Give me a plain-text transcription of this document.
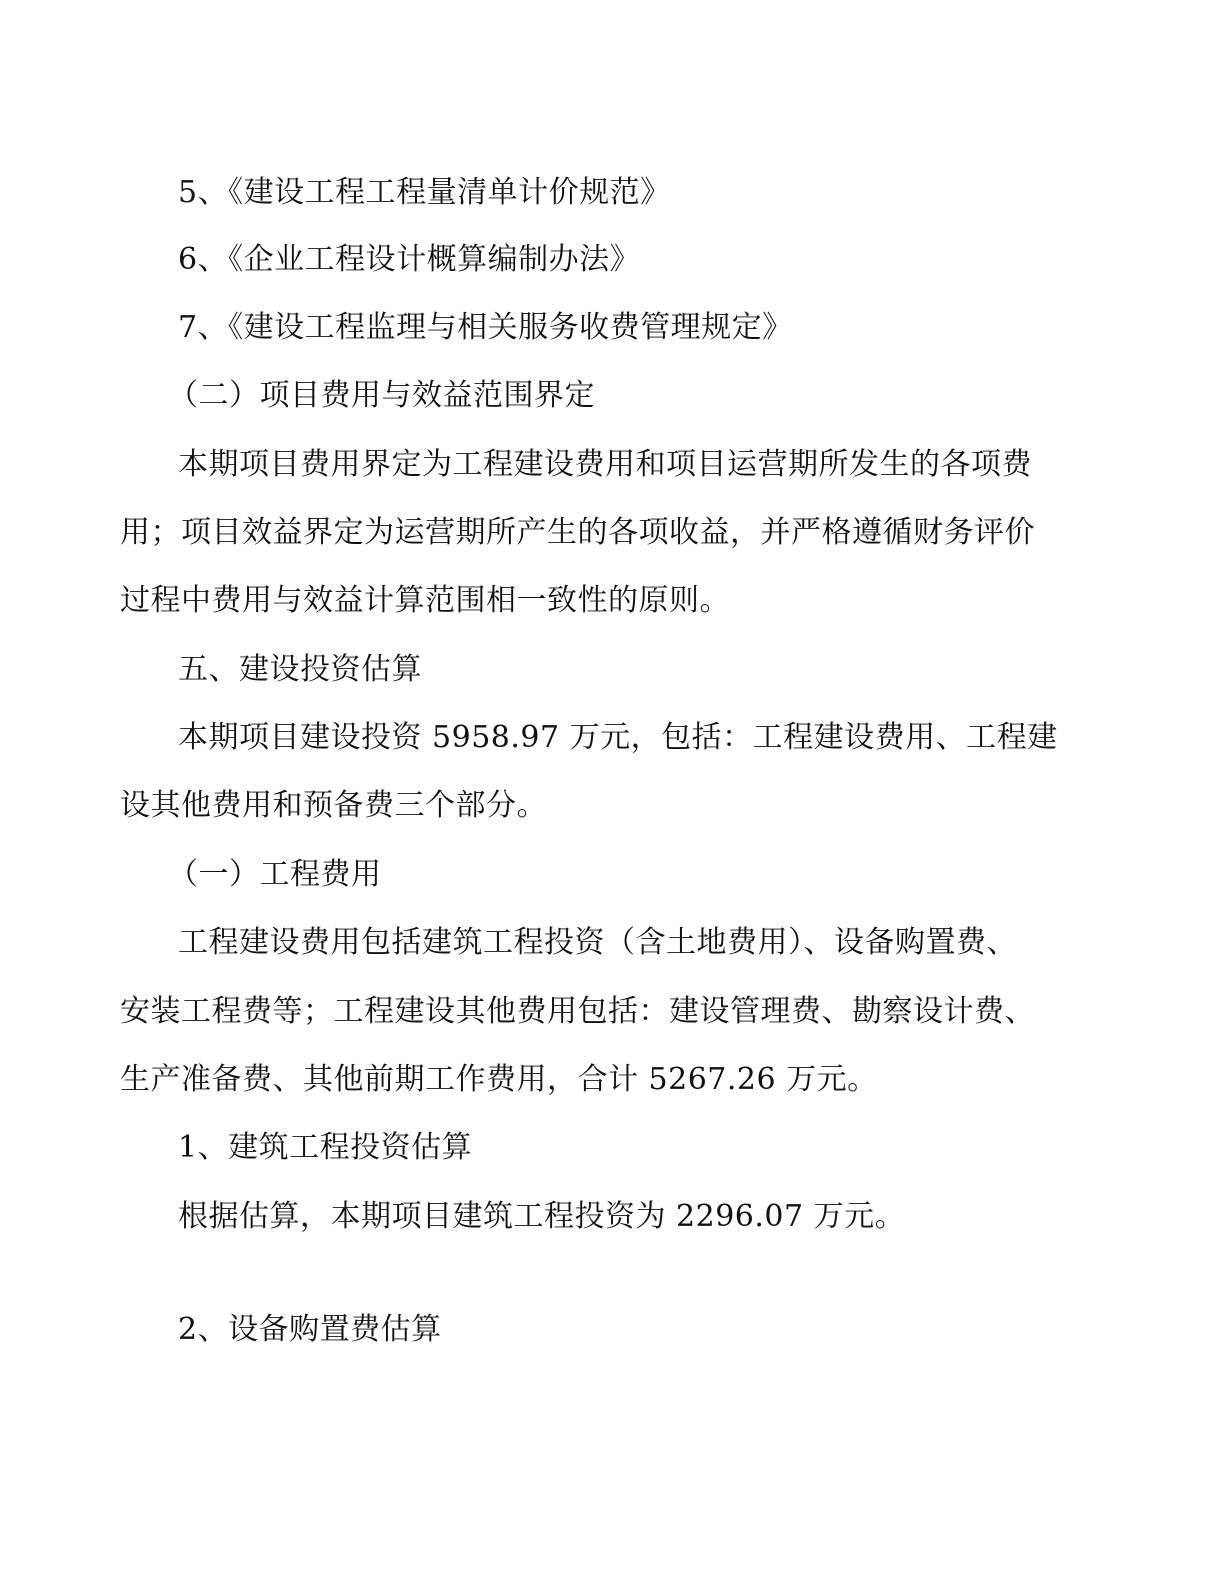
5、《建设工程工程量清单计价规范》
6、《企业工程设计概算编制办法》
7、《建设工程监理与相关服务收费管理规定》
（二）项目费用与效益范围界定
本期项目费用界定为工程建设费用和项目运营期所发生的各项费
用；项目效益界定为运营期所产生的各项收益，并严格遵循财务评价
过程中费用与效益计算范围相一致性的原则。
五、建设投资估算
本期项目建设投资 5958.97 万元，包括：工程建设费用、工程建
设其他费用和预备费三个部分。
（一）工程费用
工程建设费用包括建筑工程投资（含土地费用）、设备购置费、
安装工程费等；工程建设其他费用包括：建设管理费、勘察设计费、
生产准备费、其他前期工作费用，合计 5267.26 万元。
1、建筑工程投资估算
根据估算，本期项目建筑工程投资为 2296.07 万元。
2、设备购置费估算
